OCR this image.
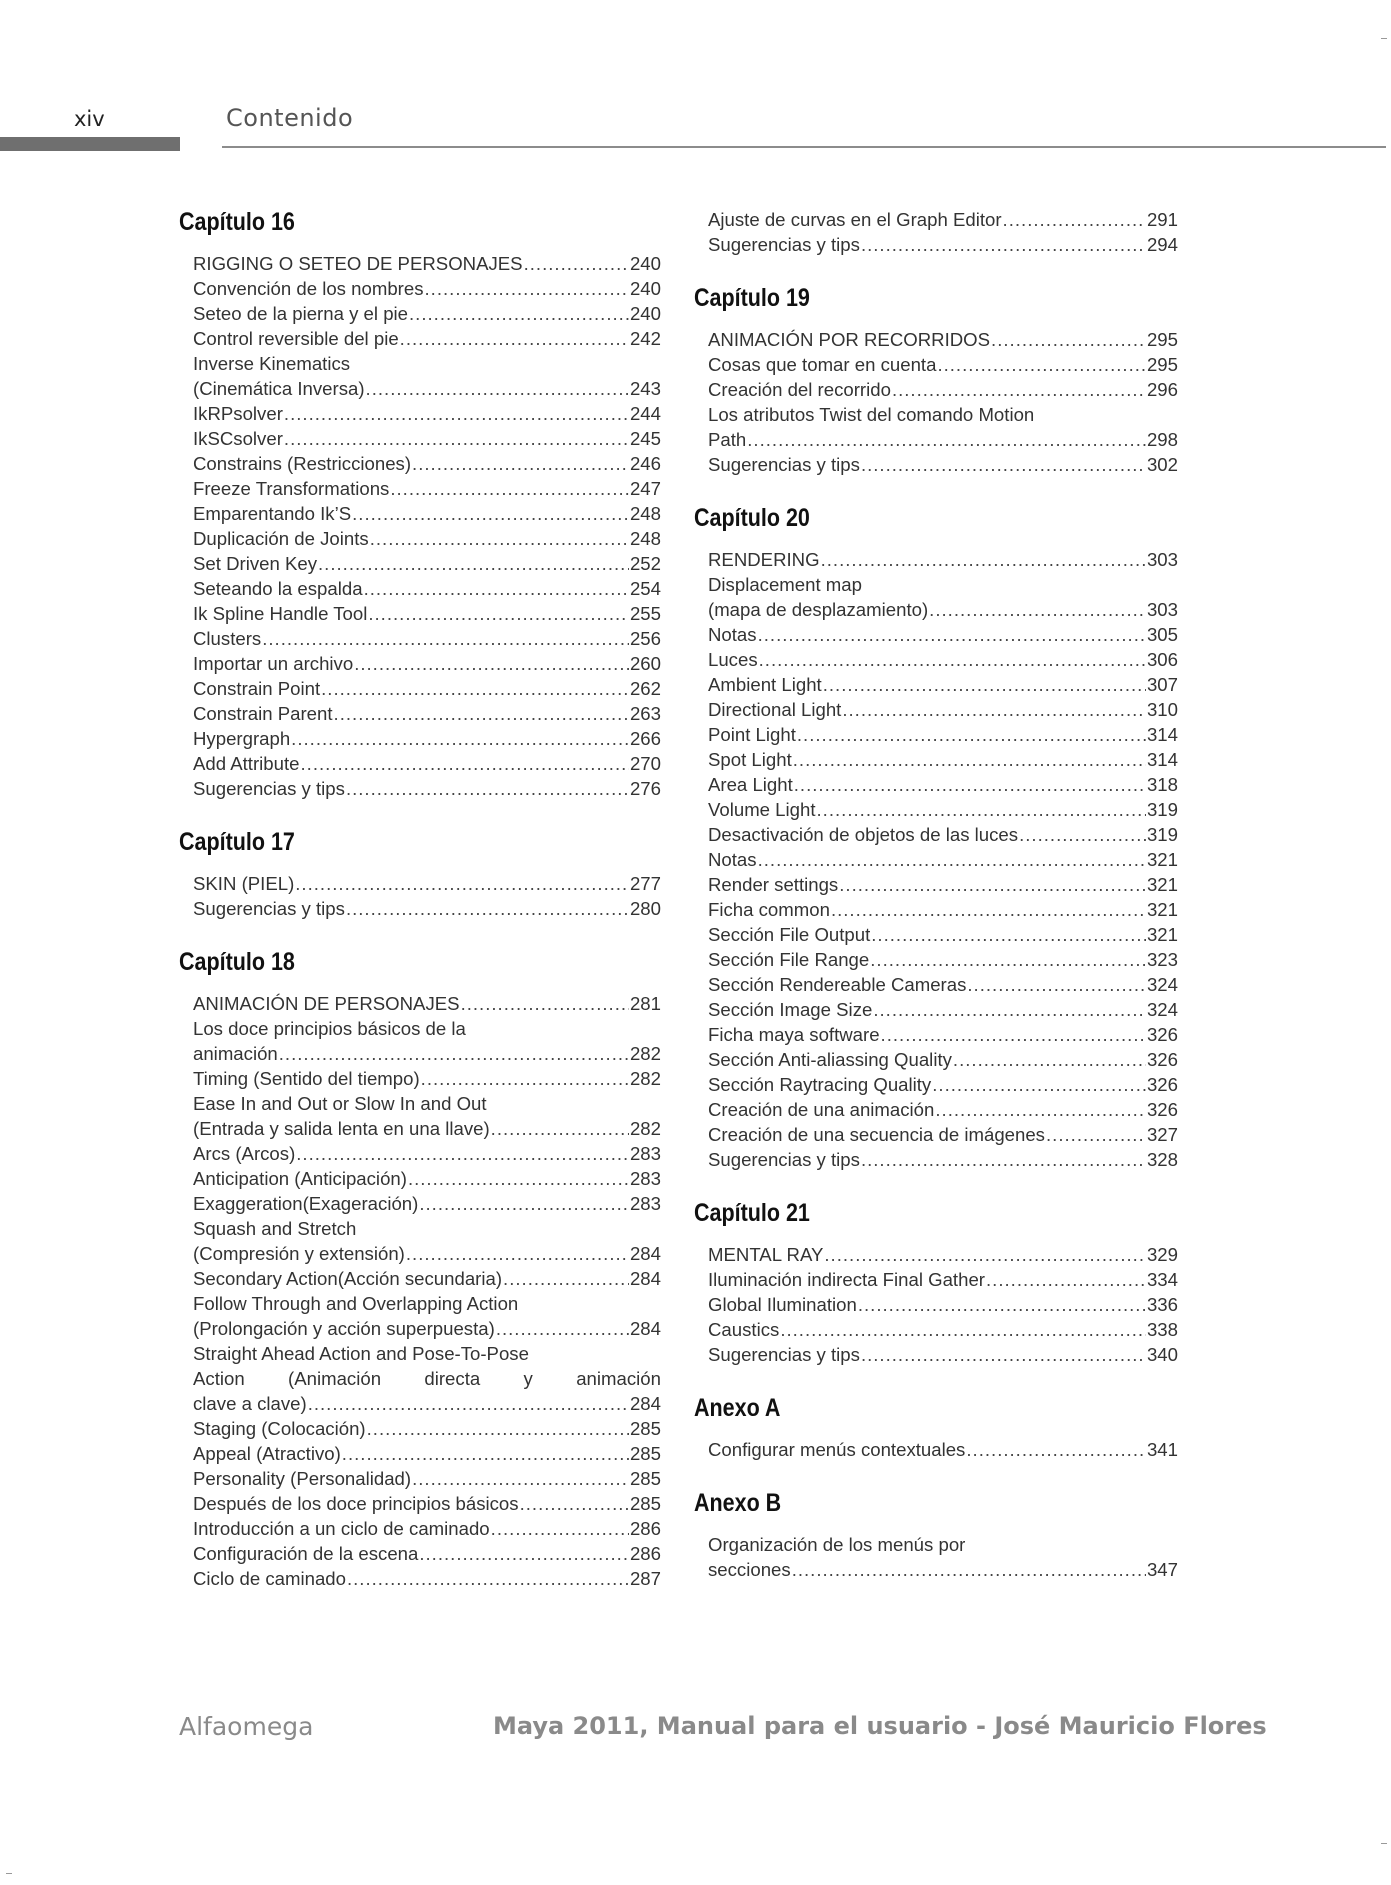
xiv	Contenido
Capítulo 16
RIGGING O SETEO DE PERSONAJES .....	240
Convención de los nombres .....	240
Seteo de la pierna y el pie .....	240
Control reversible del pie .....	242
Inverse Kinematics
(Cinemática Inversa) .....	243
IkRPsolver .....	244
IkSCsolver .....	245
Constrains (Restricciones) .....	246
Freeze Transformations .....	247
Emparentando Ik’S .....	248
Duplicación de Joints .....	248
Set Driven Key .....	252
Seteando la espalda .....	254
Ik Spline Handle Tool .....	255
Clusters .....	256
Importar un archivo .....	260
Constrain Point .....	262
Constrain Parent .....	263
Hypergraph .....	266
Add Attribute .....	270
Sugerencias y tips .....	276
Capítulo 17
SKIN (PIEL) .....	277
Sugerencias y tips .....	280
Capítulo 18
ANIMACIÓN DE PERSONAJES .....	281
Los doce principios básicos de la
animación .....	282
Timing (Sentido del tiempo) .....	282
Ease In and Out or Slow In and Out
(Entrada y salida lenta en una llave) .....	282
Arcs (Arcos) .....	283
Anticipation (Anticipación) .....	283
Exaggeration(Exageración) .....	283
Squash and Stretch
(Compresión y extensión) .....	284
Secondary Action(Acción secundaria) .....	284
Follow Through and Overlapping Action
(Prolongación y acción superpuesta) .....	284
Straight Ahead Action and Pose-To-Pose
Action (Animación directa y animación
clave a clave) .....	284
Staging (Colocación) .....	285
Appeal (Atractivo) .....	285
Personality (Personalidad) .....	285
Después de los doce principios básicos .....	285
Introducción a un ciclo de caminado .....	286
Configuración de la escena .....	286
Ciclo de caminado .....	287
Ajuste de curvas en el Graph Editor .....	291
Sugerencias y tips .....	294
Capítulo 19
ANIMACIÓN POR RECORRIDOS .....	295
Cosas que tomar en cuenta .....	295
Creación del recorrido .....	296
Los atributos Twist del comando Motion
Path .....	298
Sugerencias y tips .....	302
Capítulo 20
RENDERING .....	303
Displacement map
(mapa de desplazamiento) .....	303
Notas .....	305
Luces .....	306
Ambient Light .....	307
Directional Light .....	310
Point Light .....	314
Spot Light .....	314
Area Light .....	318
Volume Light .....	319
Desactivación de objetos de las luces .....	319
Notas .....	321
Render settings .....	321
Ficha common .....	321
Sección File Output .....	321
Sección File Range .....	323
Sección Rendereable Cameras .....	324
Sección Image Size .....	324
Ficha maya software .....	326
Sección Anti-aliassing Quality .....	326
Sección Raytracing Quality .....	326
Creación de una animación .....	326
Creación de una secuencia de imágenes .....	327
Sugerencias y tips .....	328
Capítulo 21
MENTAL RAY .....	329
Iluminación indirecta Final Gather .....	334
Global Ilumination .....	336
Caustics .....	338
Sugerencias y tips .....	340
Anexo A
Configurar menús contextuales .....	341
Anexo B
Organización de los menús por
secciones .....	347
Alfaomega	Maya 2011, Manual para el usuario - José Mauricio Flores
